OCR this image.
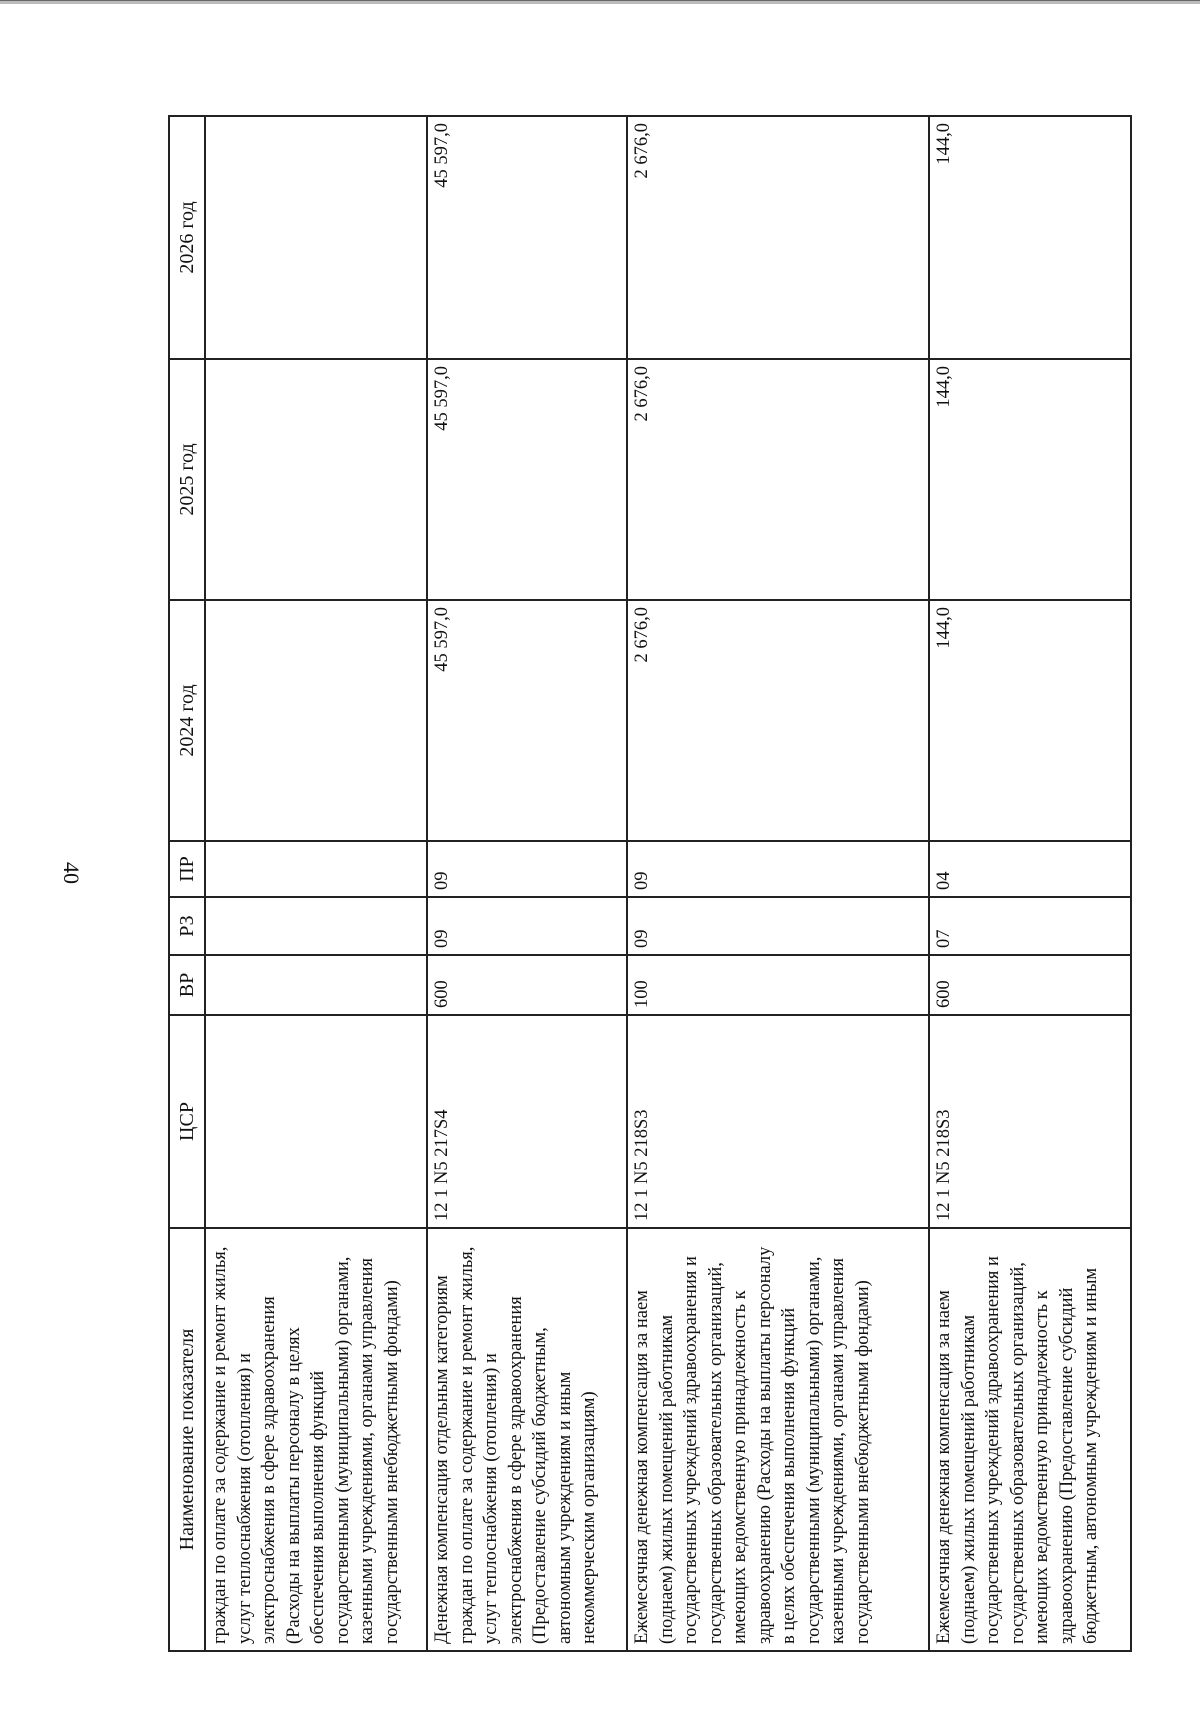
40
Наименование показателя	ЦСР	ВР	РЗ	ПР	2024 год	2025 год	2026 год
граждан по оплате за содержание и ремонт жилья, услуг теплоснабжения (отопления) и электроснабжения в сфере здравоохранения (Расходы на выплаты персоналу в целях обеспечения выполнения функций государственными (муниципальными) органами, казенными учреждениями, органами управления государственными внебюджетными фондами)							
Денежная компенсация отдельным категориям граждан по оплате за содержание и ремонт жилья, услуг теплоснабжения (отопления) и электроснабжения в сфере здравоохранения (Предоставление субсидий бюджетным, автономным учреждениям и иным некоммерческим организациям)	12 1 N5 217S4	600	09	09	45 597,0	45 597,0	45 597,0
Ежемесячная денежная компенсация за наем (поднаем) жилых помещений работникам государственных учреждений здравоохранения и государственных образовательных организаций, имеющих ведомственную принадлежность к здравоохранению (Расходы на выплаты персоналу в целях обеспечения выполнения функций государственными (муниципальными) органами, казенными учреждениями, органами управления государственными внебюджетными фондами)	12 1 N5 218S3	100	09	09	2 676,0	2 676,0	2 676,0
Ежемесячная денежная компенсация за наем (поднаем) жилых помещений работникам государственных учреждений здравоохранения и государственных образовательных организаций, имеющих ведомственную принадлежность к здравоохранению (Предоставление субсидий бюджетным, автономным учреждениям и иным	12 1 N5 218S3	600	07	04	144,0	144,0	144,0
